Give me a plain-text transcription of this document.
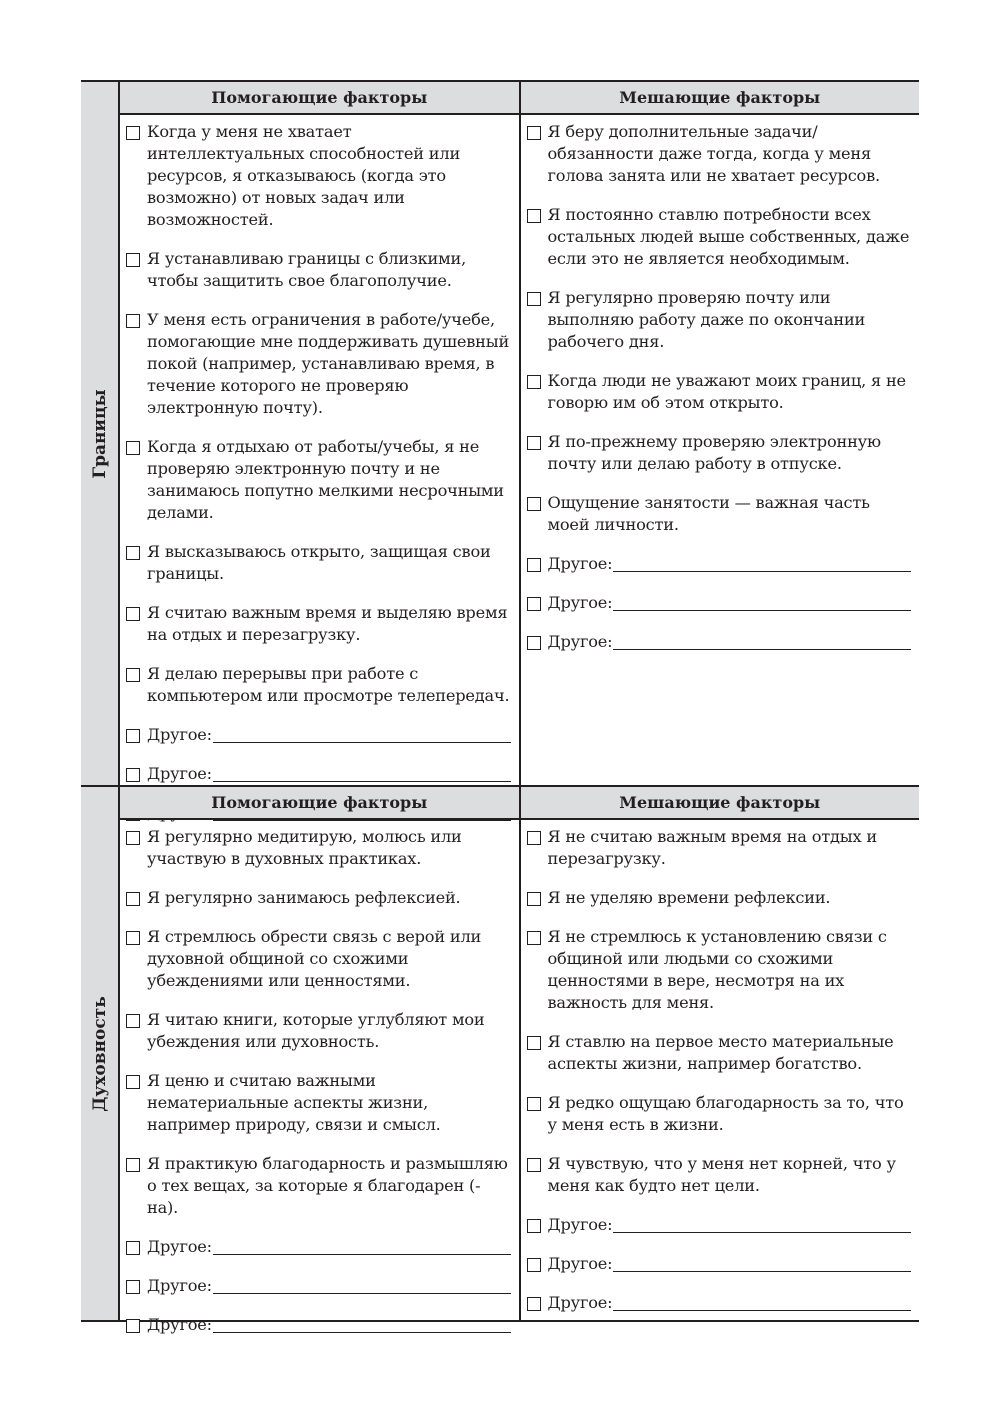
Границы
Помогающие факторы
Когда у меня не хватает интеллектуальных способностей или ресурсов, я отказываюсь (когда это возможно) от новых задач или возможностей.
Я устанавливаю границы с близкими, чтобы защитить свое благополучие.
У меня есть ограничения в работе/учебе, помогающие мне поддерживать душевный покой (например, устанавливаю время, в течение которого не проверяю электронную почту).
Когда я отдыхаю от работы/учебы, я не проверяю электронную почту и не занимаюсь попутно мелкими несрочными делами.
Я высказываюсь открыто, защищая свои границы.
Я считаю важным время и выделяю время на отдых и перезагрузку.
Я делаю перерывы при работе с компьютером или просмотре телепередач.
Другое:
Другое:
Мешающие факторы
Я беру дополнительные задачи/обязанности даже тогда, когда у меня голова занята или не хватает ресурсов.
Я постоянно ставлю потребности всех остальных людей выше собственных, даже если это не является необходимым.
Я регулярно проверяю почту или выполняю работу даже по окончании рабочего дня.
Когда люди не уважают моих границ, я не говорю им об этом открыто.
Я по-прежнему проверяю электронную почту или делаю работу в отпуске.
Ощущение занятости — важная часть моей личности.
Другое:
Другое:
Другое:
Духовность
Помогающие факторы
Я регулярно медитирую, молюсь или участвую в духовных практиках.
Я регулярно занимаюсь рефлексией.
Я стремлюсь обрести связь с верой или духовной общиной со схожими убеждениями или ценностями.
Я читаю книги, которые углубляют мои убеждения или духовность.
Я ценю и считаю важными нематериальные аспекты жизни, например природу, связи и смысл.
Я практикую благодарность и размышляю о тех вещах, за которые я благодарен (-на).
Другое:
Другое:
Другое:
Мешающие факторы
Я не считаю важным время на отдых и перезагрузку.
Я не уделяю времени рефлексии.
Я не стремлюсь к установлению связи с общиной или людьми со схожими ценностями в вере, несмотря на их важность для меня.
Я ставлю на первое место материальные аспекты жизни, например богатство.
Я редко ощущаю благодарность за то, что у меня есть в жизни.
Я чувствую, что у меня нет корней, что у меня как будто нет цели.
Другое:
Другое:
Другое:
